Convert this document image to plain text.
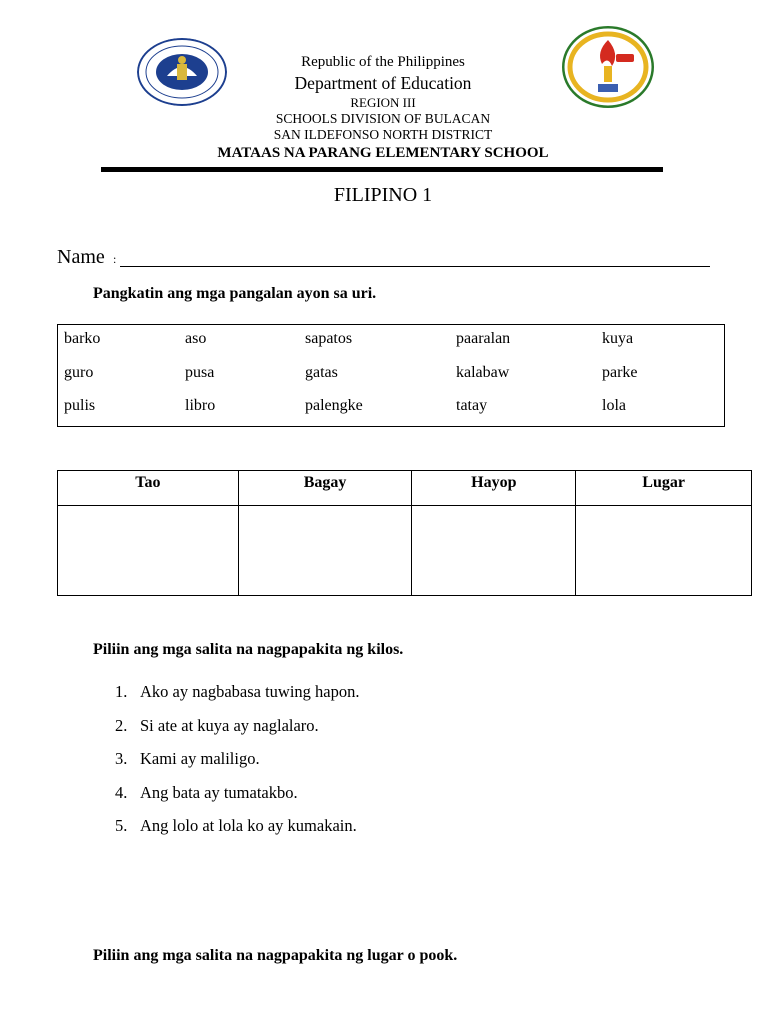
Republic of the Philippines
Department of Education
REGION III
SCHOOLS DIVISION OF BULACAN
SAN ILDEFONSO NORTH DISTRICT
MATAAS NA PARANG ELEMENTARY SCHOOL
FILIPINO 1
Name :
Pangkatin ang mga pangalan ayon sa uri.
barko	aso	sapatos	paaralan	kuya
guro	pusa	gatas	kalabaw	parke
pulis	libro	palengke	tatay	lola
Tao	Bagay	Hayop	Lugar

Piliin ang mga salita na nagpapakita ng kilos.
1. Ako ay nagbabasa tuwing hapon.
2. Si ate at kuya ay naglalaro.
3. Kami ay maliligo.
4. Ang bata ay tumatakbo.
5. Ang lolo at lola ko ay kumakain.
Piliin ang mga salita na nagpapakita ng lugar o pook.
